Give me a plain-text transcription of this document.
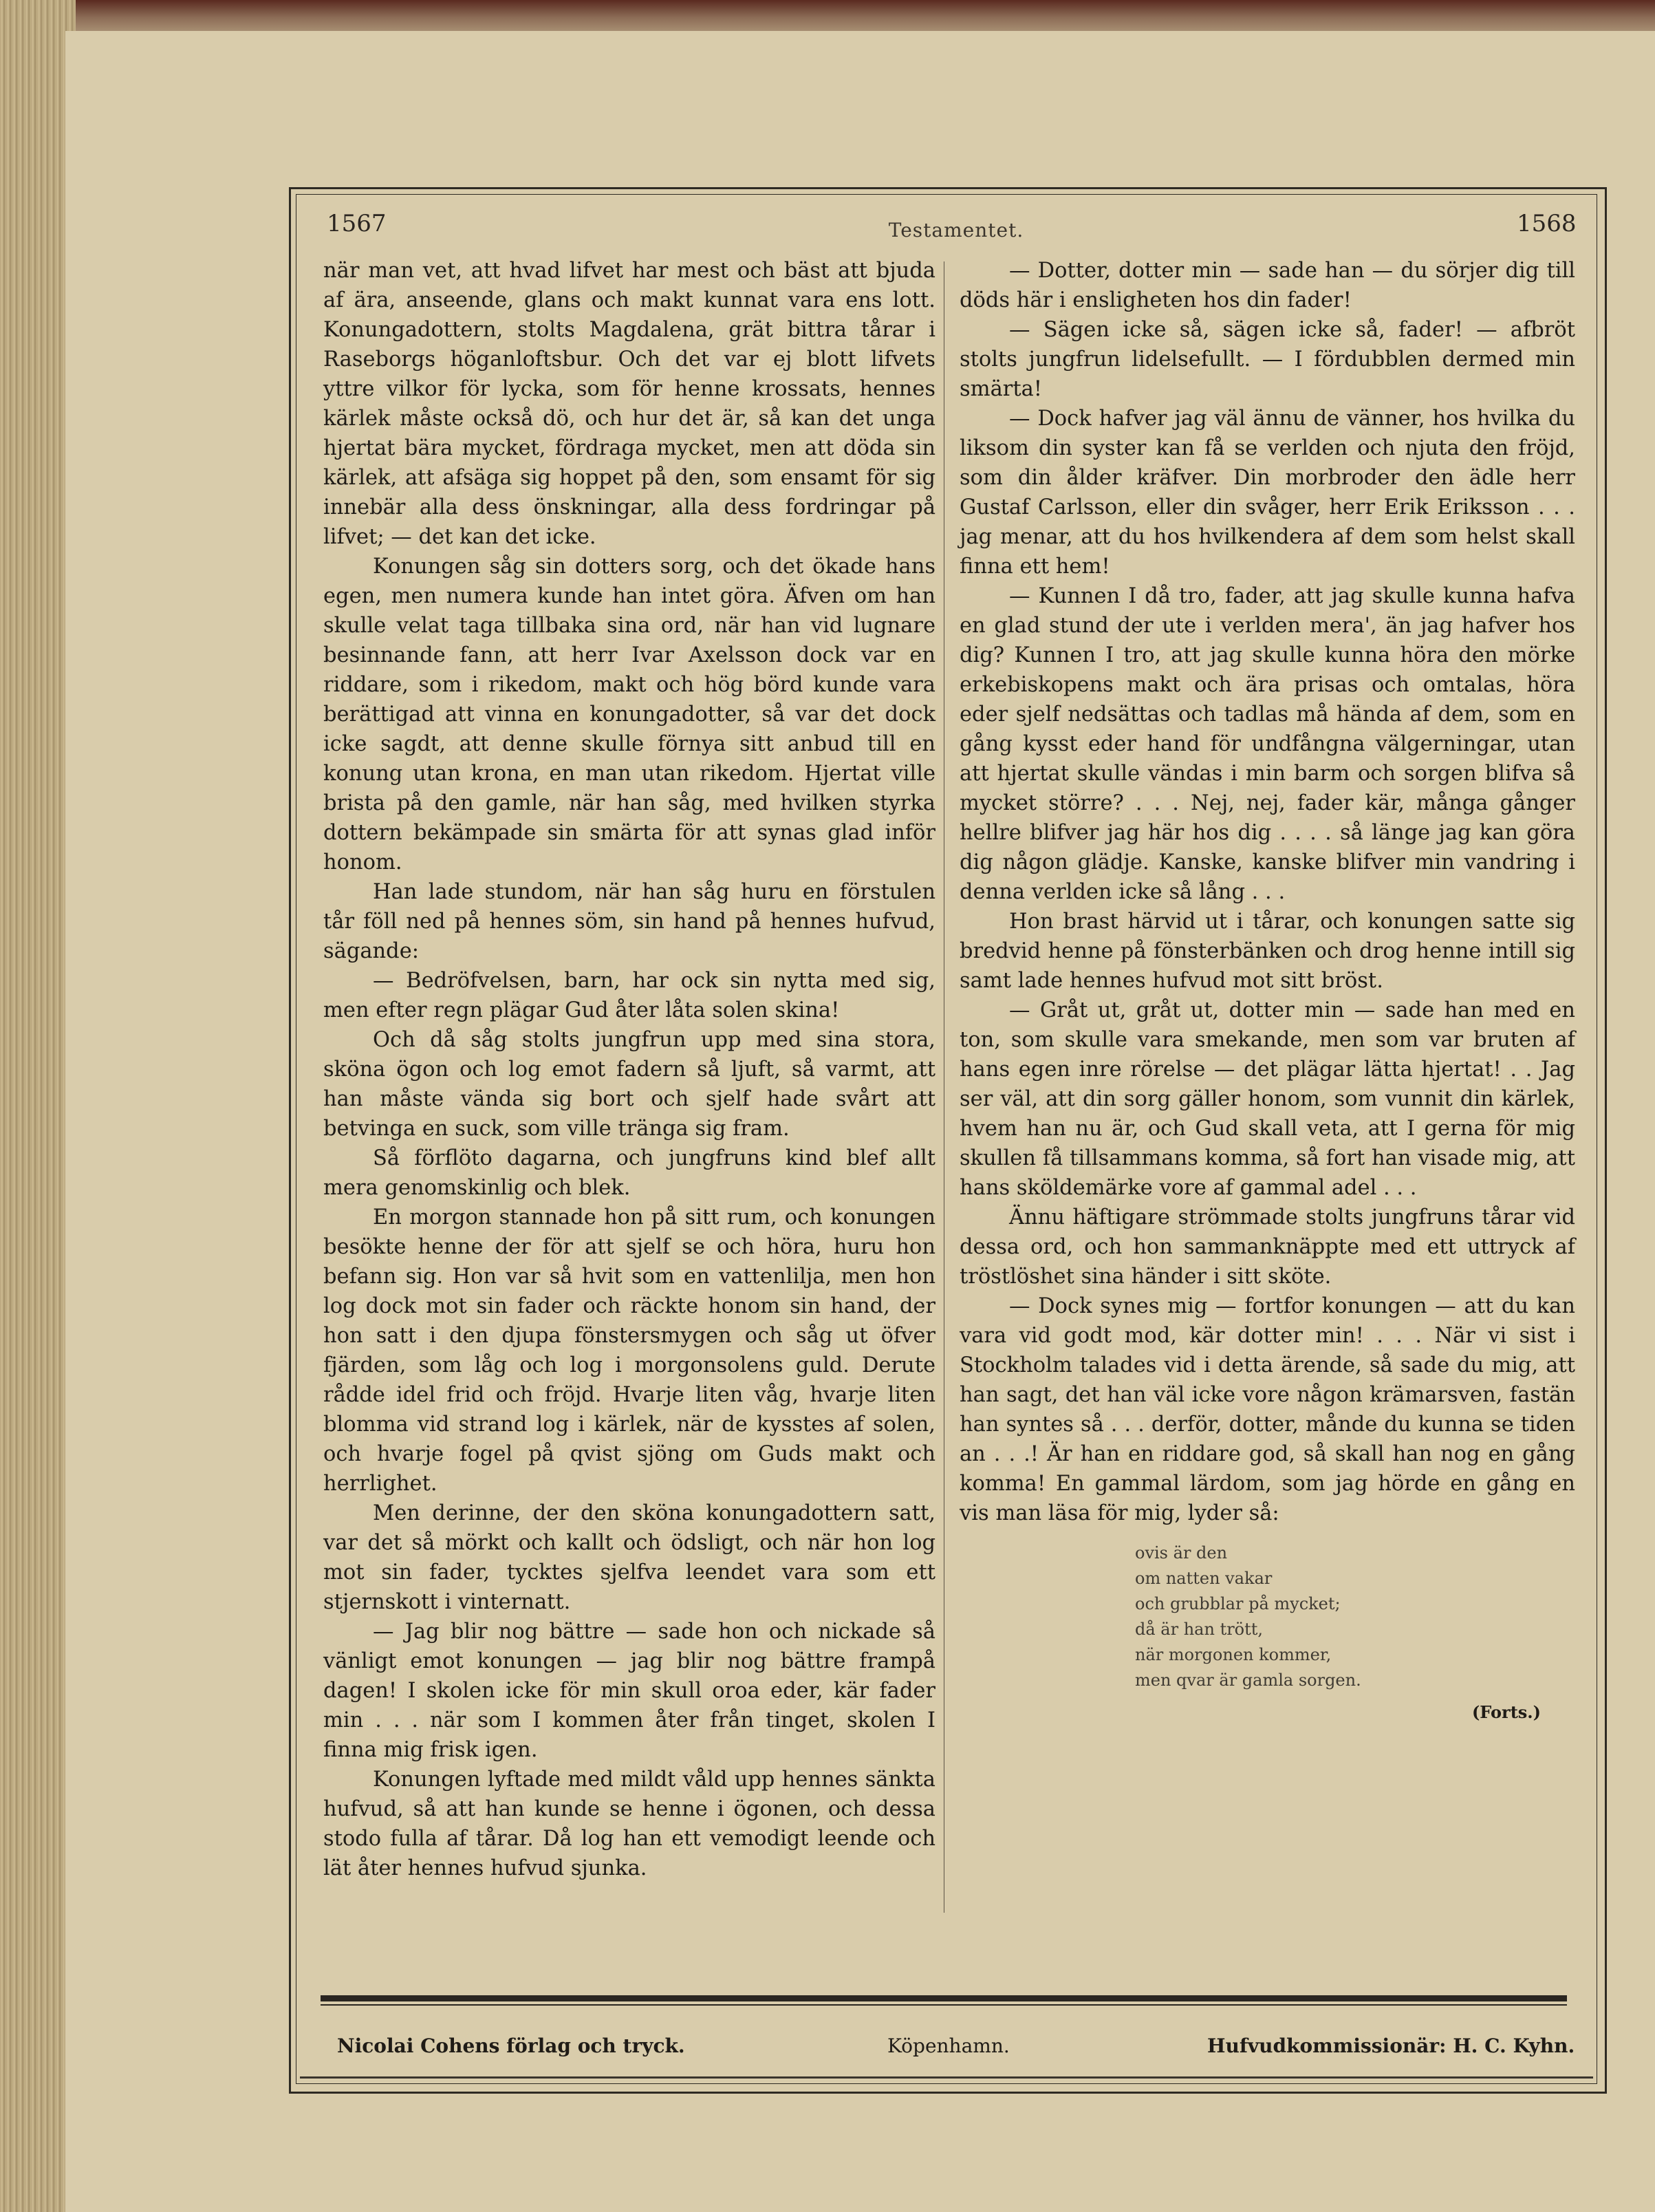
1567	Testamentet.	1568

när man vet, att hvad lifvet har mest och bäst att bjuda af ära, anseende, glans och makt kunnat vara ens lott. Konungadottern, stolts Magdalena, grät bittra tårar i Raseborgs höganloftsbur. Och det var ej blott lifvets yttre vilkor för lycka, som för henne krossats, hennes kärlek måste också dö, och hur det är, så kan det unga hjertat bära mycket, fördraga mycket, men att döda sin kärlek, att afsäga sig hoppet på den, som ensamt för sig innebär alla dess önskningar, alla dess fordringar på lifvet; — det kan det icke.

Konungen såg sin dotters sorg, och det ökade hans egen, men numera kunde han intet göra. Äfven om han skulle velat taga tillbaka sina ord, när han vid lugnare besinnande fann, att herr Ivar Axelsson dock var en riddare, som i rikedom, makt och hög börd kunde vara berättigad att vinna en konungadotter, så var det dock icke sagdt, att denne skulle förnya sitt anbud till en konung utan krona, en man utan rikedom. Hjertat ville brista på den gamle, när han såg, med hvilken styrka dottern bekämpade sin smärta för att synas glad inför honom.

Han lade stundom, när han såg huru en förstulen tår föll ned på hennes söm, sin hand på hennes hufvud, sägande:

— Bedröfvelsen, barn, har ock sin nytta med sig, men efter regn plägar Gud åter låta solen skina!

Och då såg stolts jungfrun upp med sina stora, sköna ögon och log emot fadern så ljuft, så varmt, att han måste vända sig bort och sjelf hade svårt att betvinga en suck, som ville tränga sig fram.

Så förflöto dagarna, och jungfruns kind blef allt mera genomskinlig och blek.

En morgon stannade hon på sitt rum, och konungen besökte henne der för att sjelf se och höra, huru hon befann sig. Hon var så hvit som en vattenlilja, men hon log dock mot sin fader och räckte honom sin hand, der hon satt i den djupa fönstersmygen och såg ut öfver fjärden, som låg och log i morgonsolens guld. Derute rådde idel frid och fröjd. Hvarje liten våg, hvarje liten blomma vid strand log i kärlek, när de kysstes af solen, och hvarje fogel på qvist sjöng om Guds makt och herrlighet.

Men derinne, der den sköna konungadottern satt, var det så mörkt och kallt och ödsligt, och när hon log mot sin fader, tycktes sjelfva leendet vara som ett stjernskott i vinternatt.

— Jag blir nog bättre — sade hon och nickade så vänligt emot konungen — jag blir nog bättre frampå dagen! I skolen icke för min skull oroa eder, kär fader min . . . när som I kommen åter från tinget, skolen I finna mig frisk igen.

Konungen lyftade med mildt våld upp hennes sänkta hufvud, så att han kunde se henne i ögonen, och dessa stodo fulla af tårar. Då log han ett vemodigt leende och lät åter hennes hufvud sjunka.

— Dotter, dotter min — sade han — du sörjer dig till döds här i ensligheten hos din fader!

— Sägen icke så, sägen icke så, fader! — afbröt stolts jungfrun lidelsefullt. — I fördubblen dermed min smärta!

— Dock hafver jag väl ännu de vänner, hos hvilka du liksom din syster kan få se verlden och njuta den fröjd, som din ålder kräfver. Din morbroder den ädle herr Gustaf Carlsson, eller din svåger, herr Erik Eriksson . . . jag menar, att du hos hvilkendera af dem som helst skall finna ett hem!

— Kunnen I då tro, fader, att jag skulle kunna hafva en glad stund der ute i verlden mera', än jag hafver hos dig? Kunnen I tro, att jag skulle kunna höra den mörke erkebiskopens makt och ära prisas och omtalas, höra eder sjelf nedsättas och tadlas må hända af dem, som en gång kysst eder hand för undfångna välgerningar, utan att hjertat skulle vändas i min barm och sorgen blifva så mycket större? . . . Nej, nej, fader kär, många gånger hellre blifver jag här hos dig . . . . så länge jag kan göra dig någon glädje. Kanske, kanske blifver min vandring i denna verlden icke så lång . . .

Hon brast härvid ut i tårar, och konungen satte sig bredvid henne på fönsterbänken och drog henne intill sig samt lade hennes hufvud mot sitt bröst.

— Gråt ut, gråt ut, dotter min — sade han med en ton, som skulle vara smekande, men som var bruten af hans egen inre rörelse — det plägar lätta hjertat! . . Jag ser väl, att din sorg gäller honom, som vunnit din kärlek, hvem han nu är, och Gud skall veta, att I gerna för mig skullen få tillsammans komma, så fort han visade mig, att hans sköldemärke vore af gammal adel . . .

Ännu häftigare strömmade stolts jungfruns tårar vid dessa ord, och hon sammanknäppte med ett uttryck af tröstlöshet sina händer i sitt sköte.

— Dock synes mig — fortfor konungen — att du kan vara vid godt mod, kär dotter min! . . . När vi sist i Stockholm talades vid i detta ärende, så sade du mig, att han sagt, det han väl icke vore någon krämarsven, fastän han syntes så . . . derför, dotter, månde du kunna se tiden an . . .! Är han en riddare god, så skall han nog en gång komma! En gammal lärdom, som jag hörde en gång en vis man läsa för mig, lyder så:

ovis är den
om natten vakar
och grubblar på mycket;
då är han trött,
när morgonen kommer,
men qvar är gamla sorgen.
(Forts.)
Nicolai Cohens förlag och tryck.	Köpenhamn.	Hufvudkommissionär: H. C. Kyhn.
